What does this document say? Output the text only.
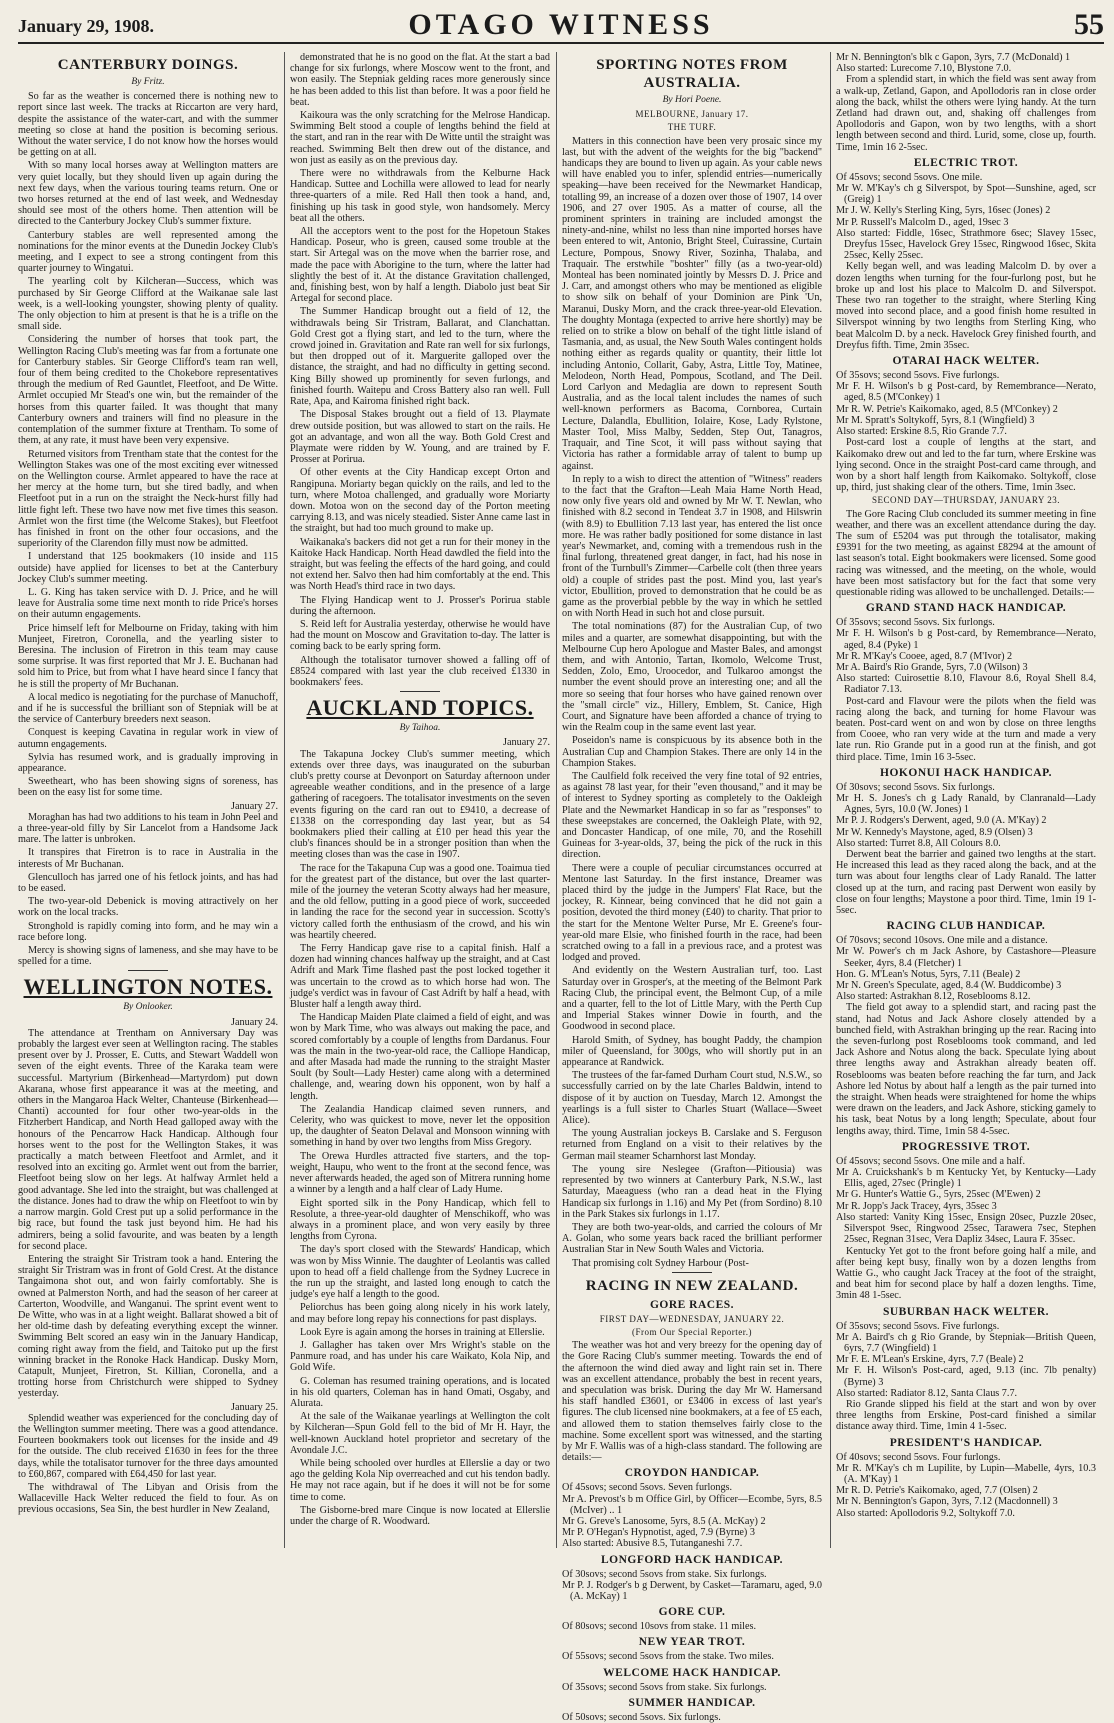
January 29, 1908.	OTAGO WITNESS	55
CANTERBURY DOINGS.
By Fritz.

So far as the weather is concerned there is nothing new to report since last week. The tracks at Riccarton are very hard, despite the assistance of the water-cart, and with the summer meeting so close at hand the position is becoming serious. Without the water service, I do not know how the horses would be getting on at all.

With so many local horses away at Wellington matters are very quiet locally, but they should liven up again during the next few days, when the various touring teams return. One or two horses returned at the end of last week, and Wednesday should see most of the others home. Then attention will be directed to the Canterbury Jockey Club's summer fixture.

Canterbury stables are well represented among the nominations for the minor events at the Dunedin Jockey Club's meeting, and I expect to see a strong contingent from this quarter journey to Wingatui.

The yearling colt by Kilcheran—Success, which was purchased by Sir George Clifford at the Waikanae sale last week, is a well-looking youngster, showing plenty of quality. The only objection to him at present is that he is a trifle on the small side.

Considering the number of horses that took part, the Wellington Racing Club's meeting was far from a fortunate one for Canterbury stables. Sir George Clifford's team ran well, four of them being credited to the Chokebore representatives through the medium of Red Gauntlet, Fleetfoot, and De Witte. Armlet occupied Mr Stead's one win, but the remainder of the horses from this quarter failed. It was thought that many Canterbury owners and trainers will find no pleasure in the contemplation of the summer fixture at Trentham. To some of them, at any rate, it must have been very expensive.

Returned visitors from Trentham state that the contest for the Wellington Stakes was one of the most exciting ever witnessed on the Wellington course. Armlet appeared to have the race at her mercy at the home turn, but she tired badly, and when Fleetfoot put in a run on the straight the Neck-hurst filly had little fight left. These two have now met five times this season. Armlet won the first time (the Welcome Stakes), but Fleetfoot has finished in front on the other four occasions, and the superiority of the Clarendon filly must now be admitted.

I understand that 125 bookmakers (10 inside and 115 outside) have applied for licenses to bet at the Canterbury Jockey Club's summer meeting.

L. G. King has taken service with D. J. Price, and he will leave for Australia some time next month to ride Price's horses on their autumn engagements.

Price himself left for Melbourne on Friday, taking with him Munjeet, Firetron, Coronella, and the yearling sister to Beresina. The inclusion of Firetron in this team may cause some surprise. It was first reported that Mr J. E. Buchanan had sold him to Price, but from what I have heard since I fancy that he is still the property of Mr Buchanan.

A local medico is negotiating for the purchase of Manuchoff, and if he is successful the brilliant son of Stepniak will be at the service of Canterbury breeders next season.

Conquest is keeping Cavatina in regular work in view of autumn engagements.

Sylvia has resumed work, and is gradually improving in appearance.

Sweetheart, who has been showing signs of soreness, has been on the easy list for some time.

January 27.

Moraghan has had two additions to his team in John Peel and a three-year-old filly by Sir Lancelot from a Handsome Jack mare. The latter is unbroken.

It transpires that Firetron is to race in Australia in the interests of Mr Buchanan.

Glenculloch has jarred one of his fetlock joints, and has had to be eased.

The two-year-old Debenick is moving attractively on her work on the local tracks.

Stronghold is rapidly coming into form, and he may win a race before long.

Mercy is showing signs of lameness, and she may have to be spelled for a time.

WELLINGTON NOTES.
By Onlooker.
January 24.

The attendance at Trentham on Anniversary Day was probably the largest ever seen at Wellington racing. The stables present over by J. Prosser, E. Cutts, and Stewart Waddell won seven of the eight events. Three of the Karaka team were successful. Martyrium (Birkenhead—Martyrdom) put down Akarana, whose first appearance it was at the meeting, and others in the Mangaroa Hack Welter, Chanteuse (Birkenhead—Chanti) accounted for four other two-year-olds in the Fitzherbert Handicap, and North Head galloped away with the honours of the Pencarrow Hack Handicap. Although four horses went to the post for the Wellington Stakes, it was practically a match between Fleetfoot and Armlet, and it resolved into an exciting go. Armlet went out from the barrier, Fleetfoot being slow on her legs. At halfway Armlet held a good advantage. She led into the straight, but was challenged at the distance. Jones had to draw the whip on Fleetfoot to win by a narrow margin. Gold Crest put up a solid performance in the big race, but found the task just beyond him. He had his admirers, being a solid favourite, and was beaten by a length for second place.

Entering the straight Sir Tristram took a hand. Entering the straight Sir Tristram was in front of Gold Crest. At the distance Tangaimona shot out, and won fairly comfortably. She is owned at Palmerston North, and had the season of her career at Carterton, Woodville, and Wanganui. The sprint event went to De Witte, who was in at a light weight. Ballarat showed a bit of her old-time dash by defeating everything except the winner. Swimming Belt scored an easy win in the January Handicap, coming right away from the field, and Taitoko put up the first winning bracket in the Ronoke Hack Handicap. Dusky Morn, Catapult, Munjeet, Firetron, St. Killian, Coronella, and a trotting horse from Christchurch were shipped to Sydney yesterday.

January 25.

Splendid weather was experienced for the concluding day of the Wellington summer meeting. There was a good attendance. Fourteen bookmakers took out licenses for the inside and 49 for the outside. The club received £1630 in fees for the three days, while the totalisator turnover for the three days amounted to £60,867, compared with £64,450 for last year.

The withdrawal of The Libyan and Orisis from the Wallaceville Hack Welter reduced the field to four. As on previous occasions, Sea Sin, the best hurdler in New Zealand,

demonstrated that he is no good on the flat. At the start a bad change for six furlongs, where Moscow went to the front, and won easily. The Stepniak gelding races more generously since he has been added to this list than before. It was a poor field he beat.

Kaikoura was the only scratching for the Melrose Handicap. Swimming Belt stood a couple of lengths behind the field at the start, and ran in the rear with De Witte until the straight was reached. Swimming Belt then drew out of the distance, and won just as easily as on the previous day.

There were no withdrawals from the Kelburne Hack Handicap. Suttee and Lochilla were allowed to lead for nearly three-quarters of a mile. Red Hall then took a hand, and, finishing up his task in good style, won handsomely. Mercy beat all the others.

All the acceptors went to the post for the Hopetoun Stakes Handicap. Poseur, who is green, caused some trouble at the start. Sir Artegal was on the move when the barrier rose, and made the pace with Aborigine to the turn, where the latter had slightly the best of it. At the distance Gravitation challenged, and, finishing best, won by half a length. Diabolo just beat Sir Artegal for second place.

The Summer Handicap brought out a field of 12, the withdrawals being Sir Tristram, Ballarat, and Clanchattan. Gold Crest got a flying start, and led to the turn, where the crowd joined in. Gravitation and Rate ran well for six furlongs, but then dropped out of it. Marguerite galloped over the distance, the straight, and had no difficulty in getting second. King Billy showed up prominently for seven furlongs, and finished fourth. Waitepu and Cross Battery also ran well. Full Rate, Apa, and Kairoma finished right back.

The Disposal Stakes brought out a field of 13. Playmate drew outside position, but was allowed to start on the rails. He got an advantage, and won all the way. Both Gold Crest and Playmate were ridden by W. Young, and are trained by F. Prosser at Porirua.

Of other events at the City Handicap except Orton and Rangipuna. Moriarty began quickly on the rails, and led to the turn, where Motoa challenged, and gradually wore Moriarty down. Motoa won on the second day of the Porton meeting carrying 8.13, and was nicely steadied. Sister Anne came last in the straight, but had too much ground to make up.

Waikanaka's backers did not get a run for their money in the Kaitoke Hack Handicap. North Head dawdled the field into the straight, but was feeling the effects of the hard going, and could not extend her. Salvo then had him comfortably at the end. This was North Head's third race in two days.

The Flying Handicap went to J. Prosser's Porirua stable during the afternoon.

S. Reid left for Australia yesterday, otherwise he would have had the mount on Moscow and Gravitation to-day. The latter is coming back to be early spring form.

Although the totalisator turnover showed a falling off of £8524 compared with last year the club received £1330 in bookmakers' fees.

AUCKLAND TOPICS.
By Taihoa.
January 27.

The Takapuna Jockey Club's summer meeting, which extends over three days, was inaugurated on the suburban club's pretty course at Devonport on Saturday afternoon under agreeable weather conditions, and in the presence of a large gathering of racegoers. The totalisator investments on the seven events figuring on the card ran out to £9410, a decrease of £1338 on the corresponding day last year, but as 54 bookmakers plied their calling at £10 per head this year the club's finances should be in a stronger position than when the meeting closes than was the case in 1907.

The race for the Takapuna Cup was a good one. Toaimua tied for the greatest part of the distance, but over the last quarter-mile of the journey the veteran Scotty always had her measure, and the old fellow, putting in a good piece of work, succeeded in landing the race for the second year in succession. Scotty's victory called forth the enthusiasm of the crowd, and his win was heartily cheered.

The Ferry Handicap gave rise to a capital finish. Half a dozen had winning chances halfway up the straight, and at Cast Adrift and Mark Time flashed past the post locked together it was uncertain to the crowd as to which horse had won. The judge's verdict was in favour of Cast Adrift by half a head, with Bluster half a length away third.

The Handicap Maiden Plate claimed a field of eight, and was won by Mark Time, who was always out making the pace, and scored comfortably by a couple of lengths from Dardanus. Four was the main in the two-year-old race, the Calliope Handicap, and after Masada had made the running to the straight Master Soult (by Soult—Lady Hester) came along with a determined challenge, and, wearing down his opponent, won by half a length.

The Zealandia Handicap claimed seven runners, and Celerity, who was quickest to move, never let the opposition up, the daughter of Seaton Delaval and Monsoon winning with something in hand by over two lengths from Miss Gregory.

The Orewa Hurdles attracted five starters, and the top-weight, Haupu, who went to the front at the second fence, was never afterwards headed, the aged son of Mitrera running home a winner by a length and a half clear of Lady Hume.

Eight sported silk in the Pony Handicap, which fell to Resolute, a three-year-old daughter of Menschikoff, who was always in a prominent place, and won very easily by three lengths from Cyrona.

The day's sport closed with the Stewards' Handicap, which was won by Miss Winnie. The daughter of Leolantis was called upon to head off a field challenge from the Sydney Lucrece in the run up the straight, and lasted long enough to catch the judge's eye half a length to the good.

Peliorchus has been going along nicely in his work lately, and may before long repay his connections for past displays.

Look Eyre is again among the horses in training at Ellerslie.

J. Gallagher has taken over Mrs Wright's stable on the Panmure road, and has under his care Waikato, Kola Nip, and Gold Wife.

G. Coleman has resumed training operations, and is located in his old quarters, Coleman has in hand Omati, Osgaby, and Alurata.

At the sale of the Waikanae yearlings at Wellington the colt by Kilcheran—Spun Gold fell to the bid of Mr H. Hayr, the well-known Auckland hotel proprietor and secretary of the Avondale J.C.

While being schooled over hurdles at Ellerslie a day or two ago the gelding Kola Nip overreached and cut his tendon badly. He may not race again, but if he does it will not be for some time to come.

The Gisborne-bred mare Cinque is now located at Ellerslie under the charge of R. Woodward.

SPORTING NOTES FROM AUSTRALIA.
By Hori Poene.
MELBOURNE, January 17.
THE TURF.

Matters in this connection have been very prosaic since my last, but with the advent of the weights for the big "backend" handicaps they are bound to liven up again. As your cable news will have enabled you to infer, splendid entries—numerically speaking—have been received for the Newmarket Handicap, totalling 99, an increase of a dozen over those of 1907, 14 over 1906, and 27 over 1905. As a matter of course, all the prominent sprinters in training are included amongst the ninety-and-nine, whilst no less than nine imported horses have been entered to wit, Antonio, Bright Steel, Cuirassine, Curtain Lecture, Pompous, Snowy River, Sozinha, Thalaba, and Traquair. The erstwhile "boshter" filly (as a two-year-old) Monteal has been nominated jointly by Messrs D. J. Price and J. Carr, and amongst others who may be mentioned as eligible to show silk on behalf of your Dominion are Pink 'Un, Maranui, Dusky Morn, and the crack three-year-old Elevation. The doughty Montaga (expected to arrive here shortly) may be relied on to strike a blow on behalf of the tight little island of Tasmania, and, as usual, the New South Wales contingent holds nothing either as regards quality or quantity, their little lot including Antonio, Collarit, Gaby, Astra, Little Toy, Matinee, Melodeon, North Head, Pompous, Scotland, and The Deil. Lord Carlyon and Medaglia are down to represent South Australia, and as the local talent includes the names of such well-known performers as Bacoma, Cornborea, Curtain Lecture, Dalandla, Ebullition, Iolaire, Kose, Lady Rylstone, Master Tool, Miss Malby, Sedden, Step Out, Tanagros, Traquair, and Tine Scot, it will pass without saying that Victoria has rather a formidable array of talent to bump up against.

In reply to a wish to direct the attention of "Witness" readers to the fact that the Grafton—Leah Maia Hame North Head, now only five years old and owned by Mr W. T. Newlan, who finished with 8.2 second in Tendeat 3.7 in 1908, and Hilswrin (with 8.9) to Ebullition 7.13 last year, has entered the list once more. He was rather badly positioned for some distance in last year's Newmarket, and, coming with a tremendous rush in the final furlong, threatened great danger, in fact, had his nose in front of the Turnbull's Zimmer—Carbelle colt (then three years old) a couple of strides past the post. Mind you, last year's victor, Ebullition, proved to demonstration that he could be as game as the proverbial pebble by the way in which he settled on with North Head in such hot and close pursuit.

The total nominations (87) for the Australian Cup, of two miles and a quarter, are somewhat disappointing, but with the Melbourne Cup hero Apologue and Master Bales, and amongst them, and with Antonio, Tartan, Ikomolo, Welcome Trust, Sedden, Zolo, Emo, Uroocedor, and Tulkaroo amongst the number the event should prove an interesting one; and all the more so seeing that four horses who have gained renown over the "small circle" viz., Hillery, Emblem, St. Canice, High Court, and Signature have been afforded a chance of trying to win the Realm coup in the same event last year.

Poseidon's name is conspicuous by its absence both in the Australian Cup and Champion Stakes. There are only 14 in the Champion Stakes.

The Caulfield folk received the very fine total of 92 entries, as against 78 last year, for their "even thousand," and it may be of interest to Sydney sporting as completely to the Oakleigh Plate and the Newmarket Handicap in so far as "responses" to these sweepstakes are concerned, the Oakleigh Plate, with 92, and Doncaster Handicap, of one mile, 70, and the Rosehill Guineas for 3-year-olds, 37, being the pick of the ruck in this direction.

There were a couple of peculiar circumstances occurred at Mentone last Saturday. In the first instance, Dreamer was placed third by the judge in the Jumpers' Flat Race, but the jockey, R. Kinnear, being convinced that he did not gain a position, devoted the third money (£40) to charity. That prior to the start for the Mentone Welter Purse, Mr E. Greene's four-year-old mare Elsie, who finished fourth in the race, had been scratched owing to a fall in a previous race, and a protest was lodged and proved.

And evidently on the Western Australian turf, too. Last Saturday over in Grosper's, at the meeting of the Belmont Park Racing Club, the principal event, the Belmont Cup, of a mile and a quarter, fell to the lot of Little Mary, with the Perth Cup and Imperial Stakes winner Dowie in fourth, and the Goodwood in second place.

Harold Smith, of Sydney, has bought Paddy, the champion miler of Queensland, for 300gs, who will shortly put in an appearance at Randwick.

The trustees of the far-famed Durham Court stud, N.S.W., so successfully carried on by the late Charles Baldwin, intend to dispose of it by auction on Tuesday, March 12. Amongst the yearlings is a full sister to Charles Stuart (Wallace—Sweet Alice).

The young Australian jockeys B. Carslake and S. Ferguson returned from England on a visit to their relatives by the German mail steamer Scharnhorst last Monday.

The young sire Neslegee (Grafton—Pitiousia) was represented by two winners at Canterbury Park, N.S.W., last Saturday, Maeaguess (who ran a dead heat in the Flying Handicap six furlongs in 1.16) and My Pet (from Sordino) 8.10 in the Park Stakes six furlongs in 1.17.

They are both two-year-olds, and carried the colours of Mr A. Golan, who some years back raced the brilliant performer Australian Star in New South Wales and Victoria.

That promising colt Sydney Harbour (Post-

RACING IN NEW ZEALAND.
GORE RACES.
FIRST DAY—WEDNESDAY, JANUARY 22.
(From Our Special Reporter.)

The weather was hot and very breezy for the opening day of the Gore Racing Club's summer meeting. Towards the end of the afternoon the wind died away and light rain set in. There was an excellent attendance, probably the best in recent years, and speculation was brisk. During the day Mr W. Hamersand his staff handled £3601, or £3406 in excess of last year's figures. The club licensed nine bookmakers, at a fee of £5 each, and allowed them to station themselves fairly close to the machine. Some excellent sport was witnessed, and the starting by Mr F. Wallis was of a high-class standard. The following are details:—

CROYDON HANDICAP.
Of 45sovs; second 5sovs. Seven furlongs.
Mr A. Prevost's b m Office Girl, by Officer—Ecombe, 5yrs, 8.5 (McIver) .. 1
Mr G. Greve's Lanosome, 5yrs, 8.5 (A. McKay) 2
Mr P. O'Hegan's Hypnotist, aged, 7.9 (Byrne) 3
Also started: Abusive 8.5, Tutanganeshi 7.7.
LONGFORD HACK HANDICAP.
Of 30sovs; second 5sovs from stake. Six furlongs.
Mr P. J. Rodger's b g Derwent, by Casket—Taramaru, aged, 9.0 (A. McKay) 1
GORE CUP.
Of 80sovs; second 10sovs from stake. 11 miles.
NEW YEAR TROT.
Of 55sovs; second 5sovs from the stake. Two miles.
WELCOME HACK HANDICAP.
Of 35sovs; second 5sovs from stake. Six furlongs.
SUMMER HANDICAP.
Of 50sovs; second 5sovs. Six furlongs.
Mr N. Bennington's blk c Gapon, 3yrs, 7.7 (McDonald) 1
Also started: Lurecome 7.10, Blystone 7.0.

From a splendid start, in which the field was sent away from a walk-up, Zetland, Gapon, and Apollodoris ran in close order along the back, whilst the others were lying handy. At the turn Zetland had drawn out, and, shaking off challenges from Apollodoris and Gapon, won by two lengths, with a short length between second and third. Lurid, some, close up, fourth. Time, 1min 16 2-5sec.

ELECTRIC TROT.
Of 45sovs; second 5sovs. One mile.
Mr W. M'Kay's ch g Silverspot, by Spot—Sunshine, aged, scr (Greig) 1
Mr J. W. Kelly's Sterling King, 5yrs, 16sec (Jones) 2
Mr P. Russell's Malcolm D., aged, 19sec 3
Also started: Fiddle, 16sec, Strathmore 6sec; Slavey 15sec, Dreyfus 15sec, Havelock Grey 15sec, Ringwood 16sec, Skita 25sec, Kelly 25sec.

Kelly began well, and was leading Malcolm D. by over a dozen lengths when turning for the four-furlong post, but he broke up and lost his place to Malcolm D. and Silverspot. These two ran together to the straight, where Sterling King moved into second place, and a good finish home resulted in Silverspot winning by two lengths from Sterling King, who beat Malcolm D. by a neck. Havelock Grey finished fourth, and Dreyfus fifth. Time, 2min 35sec.

OTARAI HACK WELTER.
Of 35sovs; second 5sovs. Five furlongs.
Mr F. H. Wilson's b g Post-card, by Remembrance—Nerato, aged, 8.5 (M'Conkey) 1
Mr R. W. Petrie's Kaikomako, aged, 8.5 (M'Conkey) 2
Mr M. Spratt's Soltykoff, 5yrs, 8.1 (Wingfield) 3
Also started: Erskine 8.5, Rio Grande 7.7.

Post-card lost a couple of lengths at the start, and Kaikomako drew out and led to the far turn, where Erskine was lying second. Once in the straight Post-card came through, and won by a short half length from Kaikomako. Soltykoff, close up, third, just shaking clear of the others. Time, 1min 3sec.

SECOND DAY—THURSDAY, JANUARY 23.

The Gore Racing Club concluded its summer meeting in fine weather, and there was an excellent attendance during the day. The sum of £5204 was put through the totalisator, making £9391 for the two meeting, as against £8294 at the amount of last season's total. Eight bookmakers were licensed. Some good racing was witnessed, and the meeting, on the whole, would have been most satisfactory but for the fact that some very questionable riding was allowed to be unchallenged. Details:—

GRAND STAND HACK HANDICAP.
Of 35sovs; second 5sovs. Six furlongs.
Mr F. H. Wilson's b g Post-card, by Remembrance—Nerato, aged, 8.4 (Pyke) 1
Mr R. M'Kay's Cooee, aged, 8.7 (M'Ivor) 2
Mr A. Baird's Rio Grande, 5yrs, 7.0 (Wilson) 3
Also started: Cuirosettie 8.10, Flavour 8.6, Royal Shell 8.4, Radiator 7.13.

Post-card and Flavour were the pilots when the field was racing along the back, and turning for home Flavour was beaten. Post-card went on and won by close on three lengths from Cooee, who ran very wide at the turn and made a very late run. Rio Grande put in a good run at the finish, and got third place. Time, 1min 16 3-5sec.

HOKONUI HACK HANDICAP.
Of 30sovs; second 5sovs. Six furlongs.
Mr H. S. Jones's ch g Lady Ranald, by Clanranald—Lady Agnes, 5yrs, 10.0 (W. Jones) 1
Mr P. J. Rodgers's Derwent, aged, 9.0 (A. M'Kay) 2
Mr W. Kennedy's Maystone, aged, 8.9 (Olsen) 3
Also started: Turret 8.8, All Colours 8.0.

Derwent beat the barrier and gained two lengths at the start. He increased this lead as they raced along the back, and at the turn was about four lengths clear of Lady Ranald. The latter closed up at the turn, and racing past Derwent won easily by close on four lengths; Maystone a poor third. Time, 1min 19 1-5sec.

RACING CLUB HANDICAP.
Of 70sovs; second 10sovs. One mile and a distance.
Mr W. Power's ch m Jack Ashore, by Castashore—Pleasure Seeker, 4yrs, 8.4 (Fletcher) 1
Hon. G. M'Lean's Notus, 5yrs, 7.11 (Beale) 2
Mr N. Green's Speculate, aged, 8.4 (W. Buddicombe) 3
Also started: Astrakhan 8.12, Roseblooms 8.12.

The field got away to a splendid start, and racing past the stand, had Notus and Jack Ashore closely attended by a bunched field, with Astrakhan bringing up the rear. Racing into the seven-furlong post Roseblooms took command, and led Jack Ashore and Notus along the back. Speculate lying about three lengths away and Astrakhan already beaten off. Roseblooms was beaten before reaching the far turn, and Jack Ashore led Notus by about half a length as the pair turned into the straight. When heads were straightened for home the whips were drawn on the leaders, and Jack Ashore, sticking gamely to his task, beat Notus by a long length; Speculate, about four lengths away, third. Time, 1min 58 4-5sec.

PROGRESSIVE TROT.
Of 45sovs; second 5sovs. One mile and a half.
Mr A. Cruickshank's b m Kentucky Yet, by Kentucky—Lady Ellis, aged, 27sec (Pringle) 1
Mr G. Hunter's Wattie G., 5yrs, 25sec (M'Ewen) 2
Mr R. Jopp's Jack Tracey, 4yrs, 35sec 3
Also started: Vanity King 15sec, Ensign 20sec, Puzzle 20sec, Silverspot 9sec, Ringwood 25sec, Tarawera 7sec, Stephen 25sec, Regnan 31sec, Vera Dapliz 34sec, Laura F. 35sec.

Kentucky Yet got to the front before going half a mile, and after being kept busy, finally won by a dozen lengths from Wattie G., who caught Jack Tracey at the foot of the straight, and beat him for second place by half a dozen lengths. Time, 3min 48 1-5sec.

SUBURBAN HACK WELTER.
Of 35sovs; second 5sovs. Five furlongs.
Mr A. Baird's ch g Rio Grande, by Stepniak—British Queen, 6yrs, 7.7 (Wingfield) 1
Mr F. E. M'Lean's Erskine, 4yrs, 7.7 (Beale) 2
Mr F. H. Wilson's Post-card, aged, 9.13 (inc. 7lb penalty) (Byrne) 3
Also started: Radiator 8.12, Santa Claus 7.7.

Rio Grande slipped his field at the start and won by over three lengths from Erskine, Post-card finished a similar distance away third. Time, 1min 4 1-5sec.

PRESIDENT'S HANDICAP.
Of 40sovs; second 5sovs. Four furlongs.
Mr R. M'Kay's ch m Lupilite, by Lupin—Mabelle, 4yrs, 10.3 (A. M'Kay) 1
Mr R. D. Petrie's Kaikomako, aged, 7.7 (Olsen) 2
Mr N. Bennington's Gapon, 3yrs, 7.12 (Macdonnell) 3
Also started: Apollodoris 9.2, Soltykoff 7.0.
